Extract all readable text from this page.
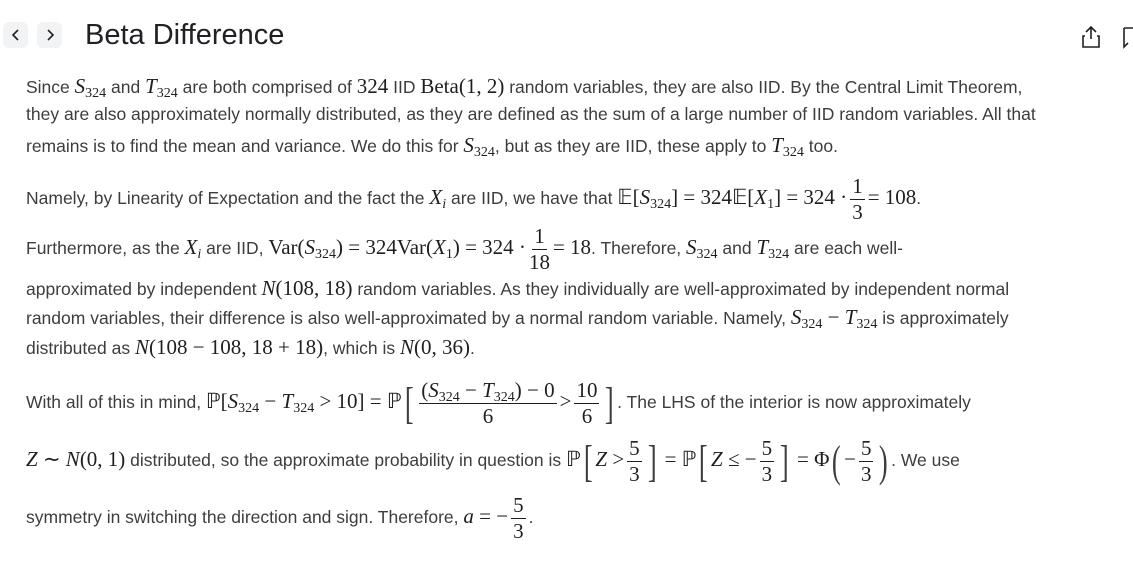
Beta Difference
Since $S_{324}$ and $T_{324}$ are both comprised of 324 IID Beta(1, 2) random variables, they are also IID. By the Central Limit Theorem,
they are also approximately normally distributed, as they are defined as the sum of a large number of IID random variables. All that
remains is to find the mean and variance. We do this for $S_{324}$, but as they are IID, these apply to $T_{324}$ too.
Namely, by Linearity of Expectation and the fact the $X_i$ are IID, we have that $𝔼[S_{324}]$ = $324𝔼[X_1] = 324 \cdot \frac{1}{3} = 108$.
Furthermore, as the $X_i$ are IID, $Var(S_{324}) = 324Var(X_1) = 324 \cdot \frac{1}{18} = 18$. Therefore, $S_{324}$ and $T_{324}$ are each well-
approximated by independent N(108, 18) random variables. As they individually are well-approximated by independent normal
random variables, their difference is also well-approximated by a normal random variable. Namely, $S_{324} - T_{324}$ is approximately
distributed as N(108 − 108, 18 + 18), which is N(0, 36).
With all of this in mind, $ℙ[S_{324} - T_{324} > 10]$ = ℙ[ $\frac{(S_{324} - T_{324}) - 0}{6} > \frac{10}{6}$ ] . The LHS of the interior is now approximately
Z ∼ N(0, 1) distributed, so the approximate probability in question is ℙ[ $Z > \frac{5}{3}$ ] = ℙ[ Z ≤ − $\frac{5}{3}$ ] = $\Phi( - \frac{5}{3}$ ) . We use
symmetry in switching the direction and sign. Therefore, a = − $\frac{5}{3}$ .
